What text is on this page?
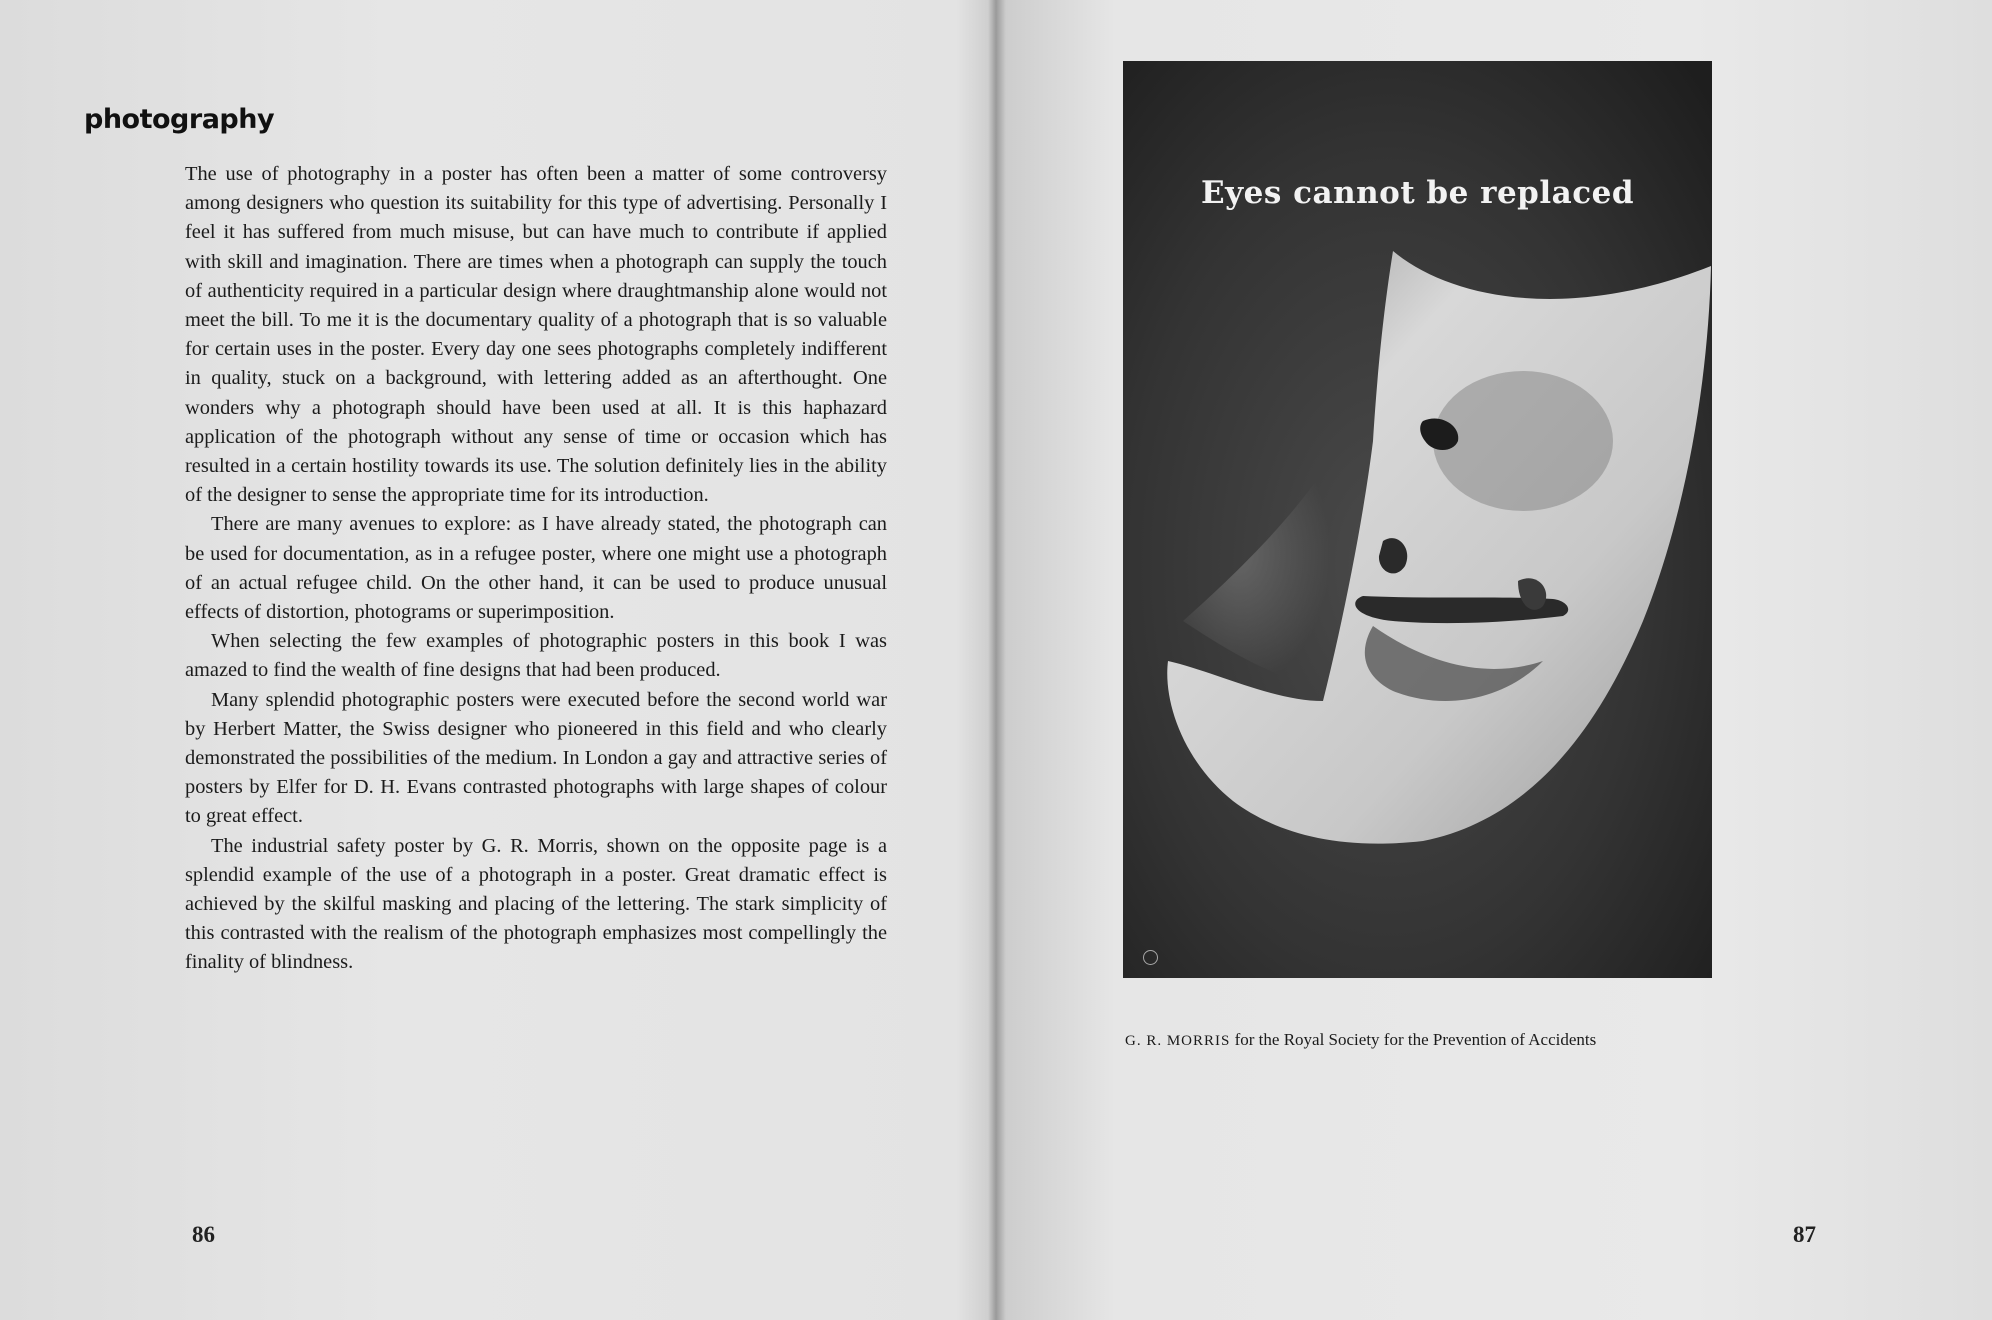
photography

The use of photography in a poster has often been a matter of some controversy among designers who question its suitability for this type of advertising. Personally I feel it has suffered from much misuse, but can have much to contribute if applied with skill and imagination. There are times when a photograph can supply the touch of authenticity required in a particular design where draughtmanship alone would not meet the bill. To me it is the documentary quality of a photograph that is so valuable for certain uses in the poster. Every day one sees photographs completely indifferent in quality, stuck on a background, with lettering added as an afterthought. One wonders why a photograph should have been used at all. It is this haphazard application of the photograph without any sense of time or occasion which has resulted in a certain hostility towards its use. The solution definitely lies in the ability of the designer to sense the appropriate time for its introduction.

There are many avenues to explore: as I have already stated, the photograph can be used for documentation, as in a refugee poster, where one might use a photograph of an actual refugee child. On the other hand, it can be used to produce unusual effects of distortion, photograms or superimposition.

When selecting the few examples of photographic posters in this book I was amazed to find the wealth of fine designs that had been produced.

Many splendid photographic posters were executed before the second world war by Herbert Matter, the Swiss designer who pioneered in this field and who clearly demonstrated the possibilities of the medium. In London a gay and attractive series of posters by Elfer for D. H. Evans contrasted photographs with large shapes of colour to great effect.

The industrial safety poster by G. R. Morris, shown on the opposite page is a splendid example of the use of a photograph in a poster. Great dramatic effect is achieved by the skilful masking and placing of the lettering. The stark simplicity of this contrasted with the realism of the photograph emphasizes most compellingly the finality of blindness.

86
Eyes cannot be replaced
G. R. MORRIS for the Royal Society for the Prevention of Accidents
87
